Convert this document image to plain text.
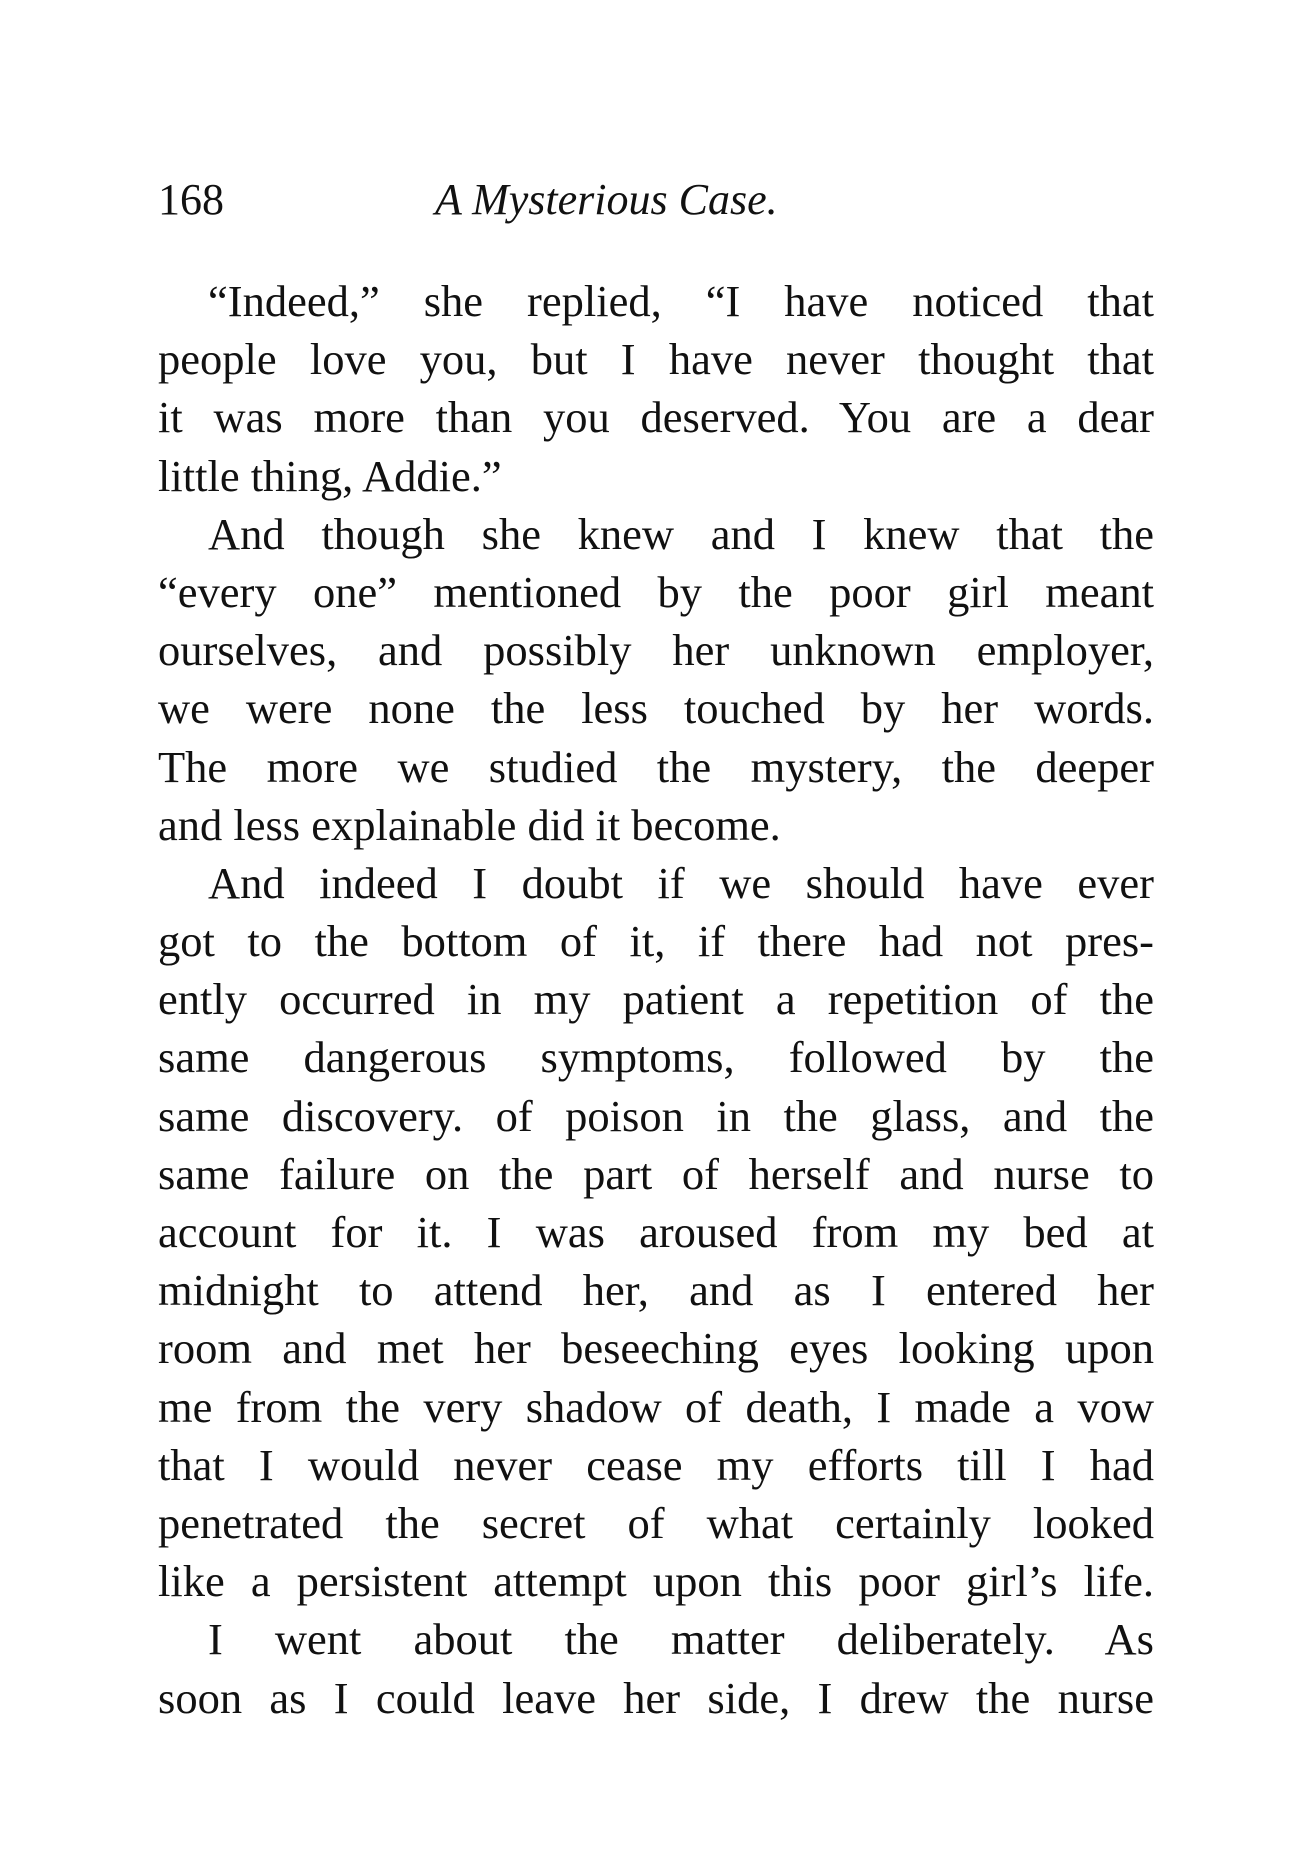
168	A Mysterious Case.
“Indeed,” she replied, “I have noticed that
people love you, but I have never thought that
it was more than you deserved. You are a dear
little thing, Addie.”
And though she knew and I knew that the
“every one” mentioned by the poor girl meant
ourselves, and possibly her unknown employer,
we were none the less touched by her words.
The more we studied the mystery, the deeper
and less explainable did it become.
And indeed I doubt if we should have ever
got to the bottom of it, if there had not pres-
ently occurred in my patient a repetition of the
same dangerous symptoms, followed by the
same discovery. of poison in the glass, and the
same failure on the part of herself and nurse to
account for it. I was aroused from my bed at
midnight to attend her, and as I entered her
room and met her beseeching eyes looking upon
me from the very shadow of death, I made a vow
that I would never cease my efforts till I had
penetrated the secret of what certainly looked
like a persistent attempt upon this poor girl’s life.
I went about the matter deliberately. As
soon as I could leave her side, I drew the nurse
